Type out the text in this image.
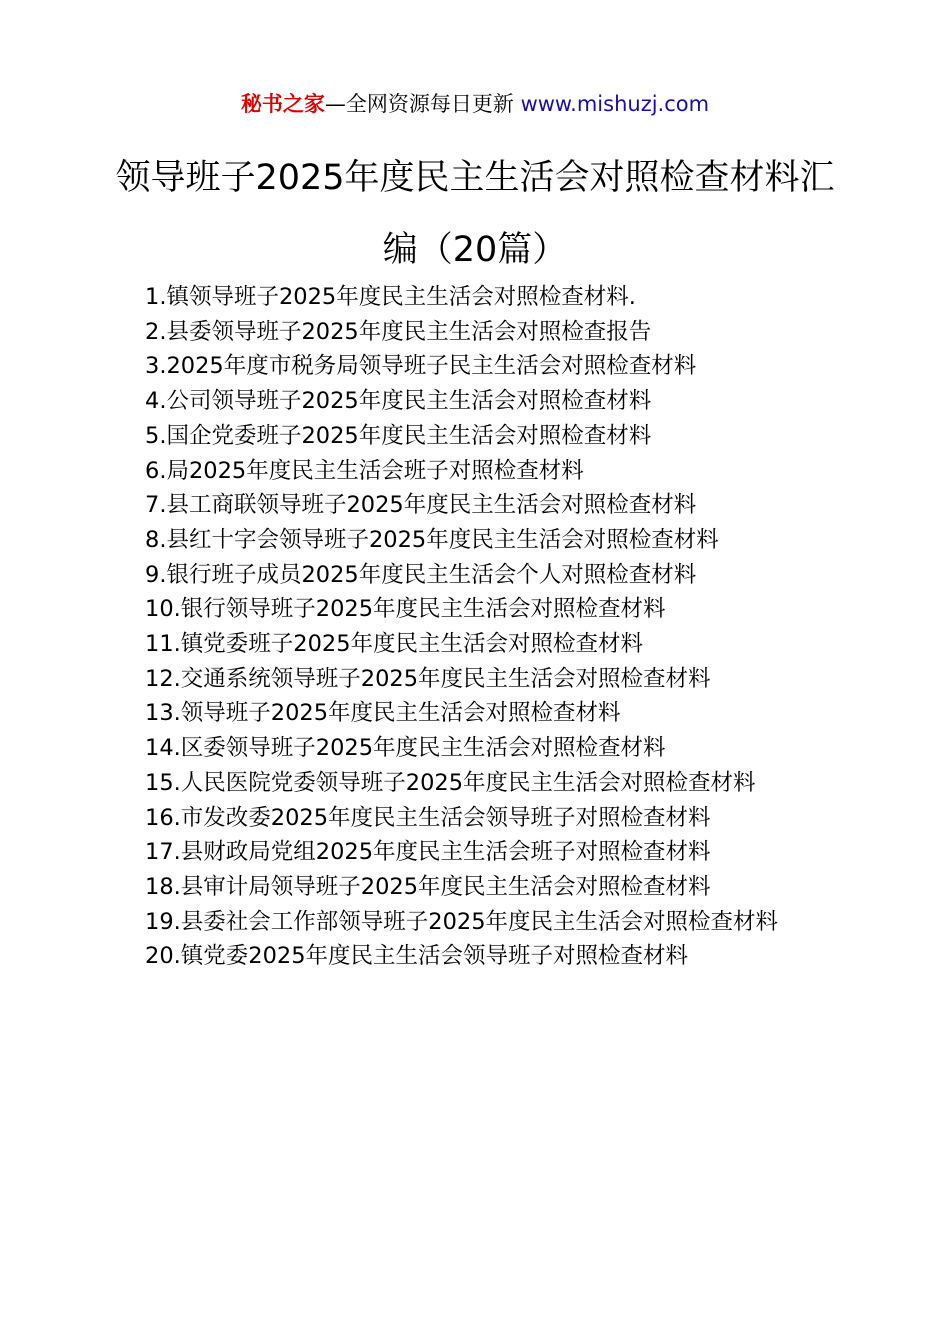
秘书之家—全网资源每日更新 www.mishuzj.com
领导班子2025年度民主生活会对照检查材料汇编（20篇）
1.镇领导班子2025年度民主生活会对照检查材料.
2.县委领导班子2025年度民主生活会对照检查报告
3.2025年度市税务局领导班子民主生活会对照检查材料
4.公司领导班子2025年度民主生活会对照检查材料
5.国企党委班子2025年度民主生活会对照检查材料
6.局2025年度民主生活会班子对照检查材料
7.县工商联领导班子2025年度民主生活会对照检查材料
8.县红十字会领导班子2025年度民主生活会对照检查材料
9.银行班子成员2025年度民主生活会个人对照检查材料
10.银行领导班子2025年度民主生活会对照检查材料
11.镇党委班子2025年度民主生活会对照检查材料
12.交通系统领导班子2025年度民主生活会对照检查材料
13.领导班子2025年度民主生活会对照检查材料
14.区委领导班子2025年度民主生活会对照检查材料
15.人民医院党委领导班子2025年度民主生活会对照检查材料
16.市发改委2025年度民主生活会领导班子对照检查材料
17.县财政局党组2025年度民主生活会班子对照检查材料
18.县审计局领导班子2025年度民主生活会对照检查材料
19.县委社会工作部领导班子2025年度民主生活会对照检查材料
20.镇党委2025年度民主生活会领导班子对照检查材料
